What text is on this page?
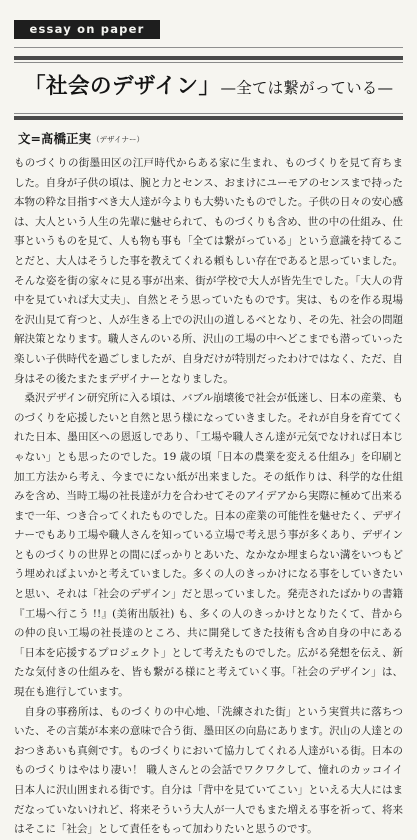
essay on paper
「社会のデザイン」—全ては繋がっている—
文=髙橋正実（デザイナー）

ものづくりの街墨田区の江戸時代からある家に生まれ、ものづくりを見て育ちました。自身が子供の頃は、腕と力とセンス、おまけにユーモアのセンスまで持った本物の粋な目指すべき大人達が今よりも大勢いたものでした。子供の日々の安心感は、大人という人生の先輩に魅せられて、ものづくりも含め、世の中の仕組み、仕事というものを見て、人も物も事も「全ては繋がっている」という意識を持てることだと、大人はそうした事を教えてくれる頼もしい存在であると思っていました。そんな姿を街の家々に見る事が出来、街が学校で大人が皆先生でした。「大人の背中を見ていれば大丈夫」、自然とそう思っていたものです。実は、ものを作る現場を沢山見て育つと、人が生きる上での沢山の道しるべとなり、その先、社会の問題解決策となります。職人さんのいる所、沢山の工場の中へどこまでも潜っていった楽しい子供時代を過ごしましたが、自身だけが特別だったわけではなく、ただ、自身はその後たまたまデザイナーとなりました。

桑沢デザイン研究所に入る頃は、バブル崩壊後で社会が低迷し、日本の産業、ものづくりを応援したいと自然と思う様になっていきました。それが自身を育ててくれた日本、墨田区への恩返しであり、「工場や職人さん達が元気でなければ日本じゃない」とも思ったのでした。19 歳の頃「日本の農業を変える仕組み」を印刷と加工方法から考え、今までにない紙が出来ました。その紙作りは、科学的な仕組みを含め、当時工場の社長達が力を合わせてそのアイデアから実際に極めて出来るまで一年、つき合ってくれたものでした。日本の産業の可能性を魅せたく、デザイナーでもあり工場や職人さんを知っている立場で考え思う事が多くあり、デザインとものづくりの世界との間にぽっかりとあいた、なかなか埋まらない溝をいつもどう埋めればよいかと考えていました。多くの人のきっかけになる事をしていきたいと思い、それは「社会のデザイン」だと思っていました。発売されたばかりの書籍『工場へ行こう !!』(美術出版社) も、多くの人のきっかけとなりたくて、昔からの仲の良い工場の社長達のところ、共に開発してきた技術も含め自身の中にある「日本を応援するプロジェクト」として考えたものでした。広がる発想を伝え、新たな気付きの仕組みを、皆も繋がる様にと考えていく事。「社会のデザイン」は、現在も進行しています。

自身の事務所は、ものづくりの中心地、「洗練された街」という実質共に落ちついた、その言葉が本来の意味で合う街、墨田区の向島にあります。沢山の人達とのおつきあいも真剣です。ものづくりにおいて協力してくれる人達がいる街。日本のものづくりはやはり凄い！ 職人さんとの会話でワクワクして、憧れのカッコイイ日本人に沢山囲まれる街です。自分は「背中を見ていてこい」といえる大人にはまだなっていないけれど、将来そういう大人が一人でもまた増える事を祈って、将来はそこに「社会」として責任をもって加わりたいと思うのです。
